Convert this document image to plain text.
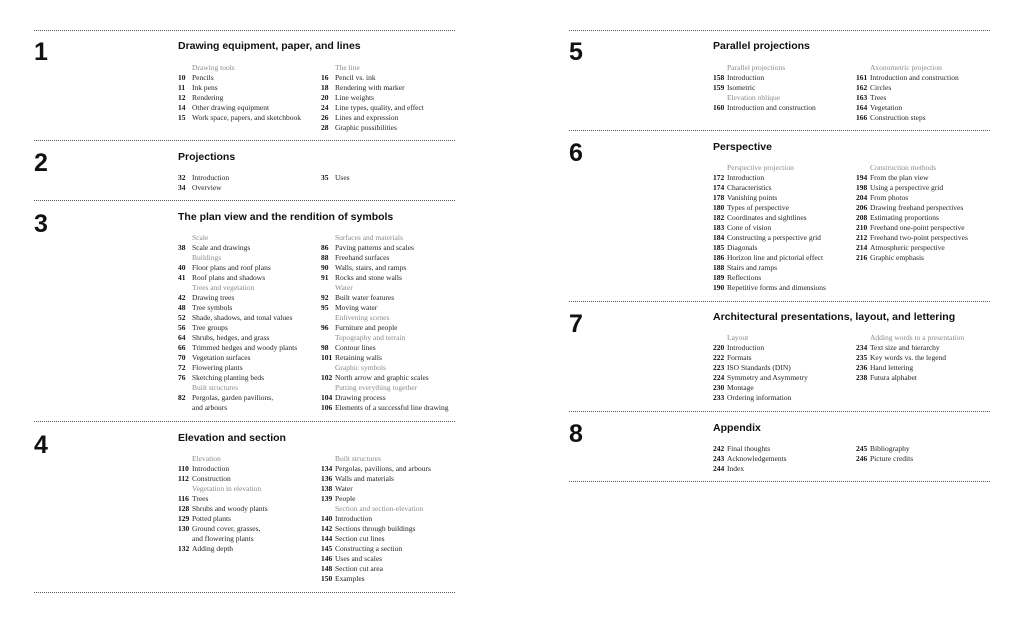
1	Drawing equipment, paper, and lines
Drawing tools
10 Pencils
11 Ink pens
12 Rendering
14 Other drawing equipment
15 Work space, papers, and sketchbook
The line
16 Pencil vs. ink
18 Rendering with marker
20 Line weights
24 Line types, quality, and effect
26 Lines and expression
28 Graphic possibilities
2	Projections
32 Introduction
34 Overview
35 Uses
3	The plan view and the rendition of symbols
Scale
38 Scale and drawings
Buildings
40 Floor plans and roof plans
41 Roof plans and shadows
Trees and vegetation
42 Drawing trees
48 Tree symbols
52 Shade, shadows, and tonal values
56 Tree groups
64 Shrubs, hedges, and grass
66 Trimmed hedges and woody plants
70 Vegetation surfaces
72 Flowering plants
76 Sketching planting beds
Built structures
82 Pergolas, garden pavilions,
and arbours
Surfaces and materials
86 Paving patterns and scales
88 Freehand surfaces
90 Walls, stairs, and ramps
91 Rocks and stone walls
Water
92 Built water features
95 Moving water
Enlivening scenes
96 Furniture and people
Topography and terrain
98 Contour lines
101 Retaining walls
Graphic symbols
102 North arrow and graphic scales
Putting everything together
104 Drawing process
106 Elements of a successful line drawing
4	Elevation and section
Elevation
110 Introduction
112 Construction
Vegetation in elevation
116 Trees
128 Shrubs and woody plants
129 Potted plants
130 Ground cover, grasses,
and flowering plants
132 Adding depth
Built structures
134 Pergolas, pavilions, and arbours
136 Walls and materials
138 Water
139 People
Section and section-elevation
140 Introduction
142 Sections through buildings
144 Section cut lines
145 Constructing a section
146 Uses and scales
148 Section cut area
150 Examples
5	Parallel projections
Parallel projections
158 Introduction
159 Isometric
Elevation oblique
160 Introduction and construction
Axonometric projection
161 Introduction and construction
162 Circles
163 Trees
164 Vegetation
166 Construction steps
6	Perspective
Perspective projection
172 Introduction
174 Characteristics
178 Vanishing points
180 Types of perspective
182 Coordinates and sightlines
183 Cone of vision
184 Constructing a perspective grid
185 Diagonals
186 Horizon line and pictorial effect
188 Stairs and ramps
189 Reflections
190 Repetitive forms and dimensions
Construction methods
194 From the plan view
198 Using a perspective grid
204 From photos
206 Drawing freehand perspectives
208 Estimating proportions
210 Freehand one-point perspective
212 Freehand two-point perspectives
214 Atmospheric perspective
216 Graphic emphasis
7	Architectural presentations, layout, and lettering
Layout
220 Introduction
222 Formats
223 ISO Standards (DIN)
224 Symmetry and Asymmetry
230 Montage
233 Ordering information
Adding words to a presentation
234 Text size and hierarchy
235 Key words vs. the legend
236 Hand lettering
238 Futura alphabet
8	Appendix
242 Final thoughts
243 Acknowledgements
244 Index
245 Bibliography
246 Picture credits
